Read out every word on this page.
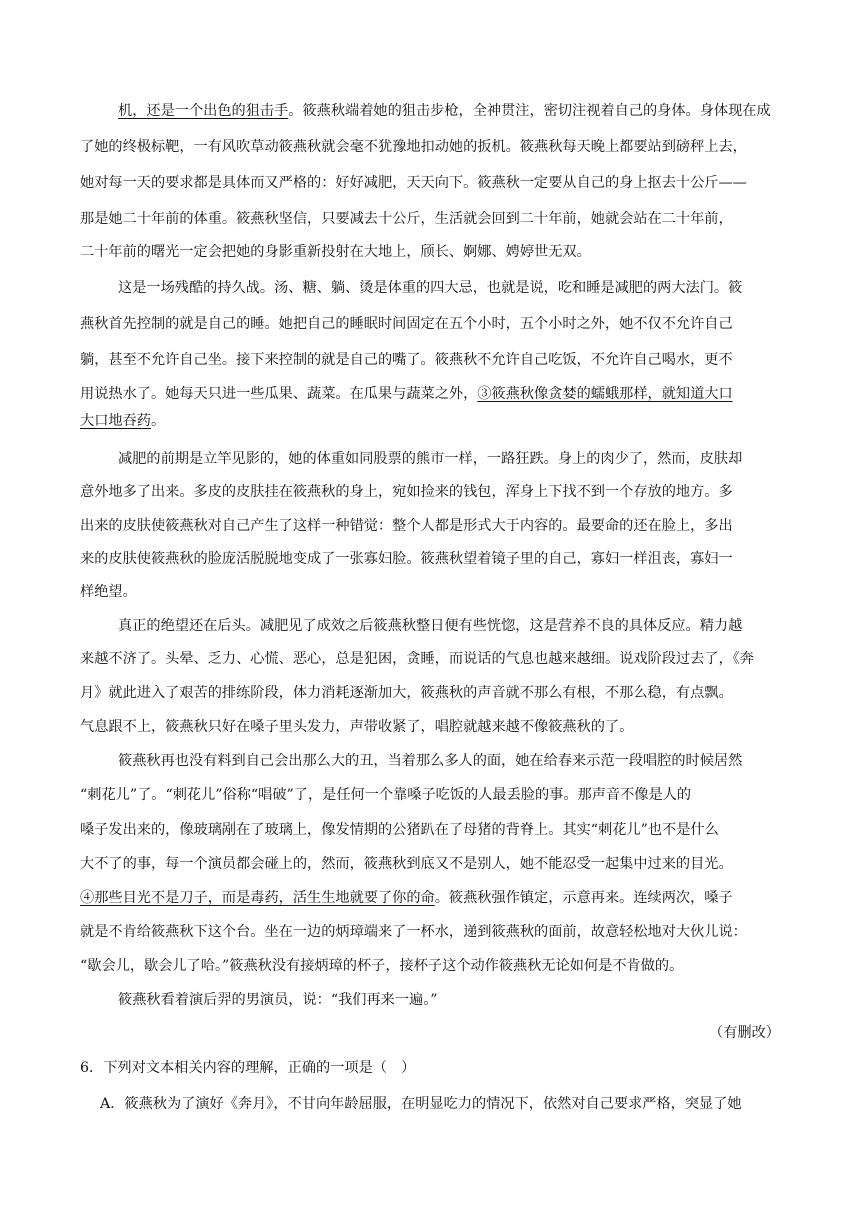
机，还是一个出色的狙击手。筱燕秋端着她的狙击步枪，全神贯注，密切注视着自己的身体。身体现在成
了她的终极标靶，一有风吹草动筱燕秋就会毫不犹豫地扣动她的扳机。筱燕秋每天晚上都要站到磅秤上去，
她对每一天的要求都是具体而又严格的：好好减肥，天天向下。筱燕秋一定要从自己的身上抠去十公斤——
那是她二十年前的体重。筱燕秋坚信，只要减去十公斤，生活就会回到二十年前，她就会站在二十年前，
二十年前的曙光一定会把她的身影重新投射在大地上，颀长、婀娜、娉婷世无双。
这是一场残酷的持久战。汤、糖、躺、烫是体重的四大忌，也就是说，吃和睡是减肥的两大法门。筱
燕秋首先控制的就是自己的睡。她把自己的睡眠时间固定在五个小时，五个小时之外，她不仅不允许自己
躺，甚至不允许自己坐。接下来控制的就是自己的嘴了。筱燕秋不允许自己吃饭，不允许自己喝水，更不
用说热水了。她每天只进一些瓜果、蔬菜。在瓜果与蔬菜之外，③筱燕秋像贪婪的蠕蛾那样，就知道大口
大口地吞药。
减肥的前期是立竿见影的，她的体重如同股票的熊市一样，一路狂跌。身上的肉少了，然而，皮肤却
意外地多了出来。多皮的皮肤挂在筱燕秋的身上，宛如捡来的钱包，浑身上下找不到一个存放的地方。多
出来的皮肤使筱燕秋对自己产生了这样一种错觉：整个人都是形式大于内容的。最要命的还在脸上，多出
来的皮肤使筱燕秋的脸庞活脱脱地变成了一张寡妇脸。筱燕秋望着镜子里的自己，寡妇一样沮丧，寡妇一
样绝望。
真正的绝望还在后头。减肥见了成效之后筱燕秋整日便有些恍惚，这是营养不良的具体反应。精力越
来越不济了。头晕、乏力、心慌、恶心，总是犯困，贪睡，而说话的气息也越来越细。说戏阶段过去了，《奔
月》就此进入了艰苦的排练阶段，体力消耗逐渐加大，筱燕秋的声音就不那么有根，不那么稳，有点飘。
气息跟不上，筱燕秋只好在嗓子里头发力，声带收紧了，唱腔就越来越不像筱燕秋的了。
筱燕秋再也没有料到自己会出那么大的丑，当着那么多人的面，她在给春来示范一段唱腔的时候居然
“刺花儿”了。“刺花儿”俗称“唱破”了，是任何一个靠嗓子吃饭的人最丢脸的事。那声音不像是人的
嗓子发出来的，像玻璃剐在了玻璃上，像发情期的公猪趴在了母猪的背脊上。其实“刺花儿”也不是什么
大不了的事，每一个演员都会碰上的，然而，筱燕秋到底又不是别人，她不能忍受一起集中过来的目光。
④那些目光不是刀子，而是毒药，活生生地就要了你的命。筱燕秋强作镇定，示意再来。连续两次，嗓子
就是不肯给筱燕秋下这个台。坐在一边的炳璋端来了一杯水，递到筱燕秋的面前，故意轻松地对大伙儿说：
“歇会儿，歇会儿了哈。”筱燕秋没有接炳璋的杯子，接杯子这个动作筱燕秋无论如何是不肯做的。
筱燕秋看着演后羿的男演员，说：“我们再来一遍。”
（有删改）
6．下列对文本相关内容的理解，正确的一项是（　）
A．筱燕秋为了演好《奔月》，不甘向年龄屈服，在明显吃力的情况下，依然对自己要求严格，突显了她
